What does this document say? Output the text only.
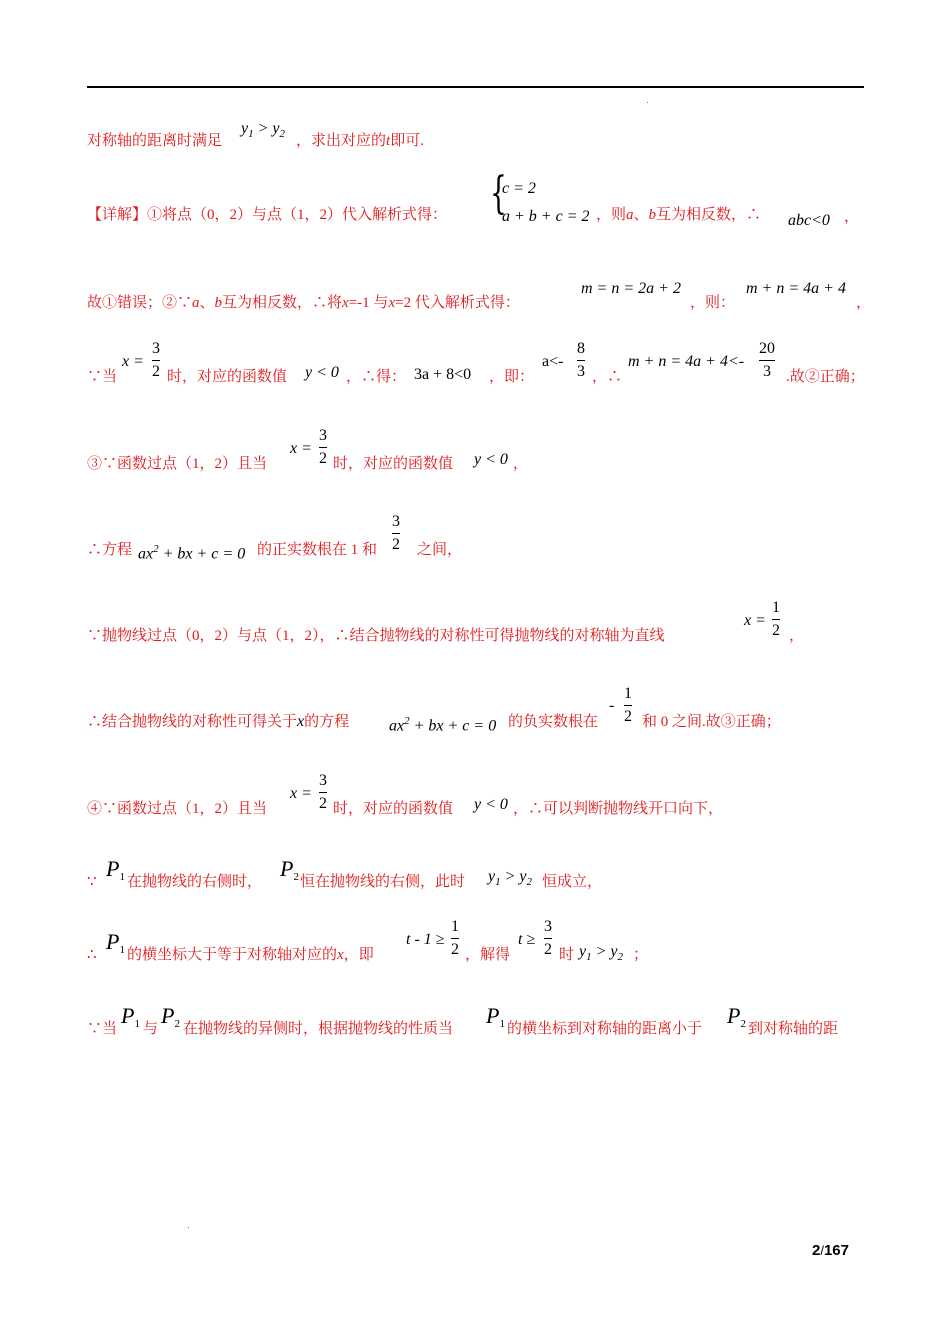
对称轴的距离时满足
$y_1 > y_2$ ，求出对应的t即可.
【详解】①将点（0，2）与点（1，2）代入解析式得： {
c = 2
a + b + c = 2 ，则a、b互为相反数，∴ abc<0 ，
故①错误；②∵a、b互为相反数，∴将x=-1 与x=2 代入解析式得：
m = n = 2a + 2
，则：
m + n = 4a + 4
，
∵当
x =
3
2 时，对应的函数值 y < 0 ，∴得： 3a + 8<0 ，即：
a<-
8
3 ，∴
m + n = 4a + 4<-
20
3 .故②正确；
③∵函数过点（1，2）且当
x =
3
2 时，对应的函数值 y < 0 ，
∴方程 $ax^2$ + bx + c = 0 的正实数根在 1 和
3
2 之间，
∵抛物线过点（0，2）与点（1，2），∴结合抛物线的对称性可得抛物线的对称轴为直线
x =
1
2 ，
∴结合抛物线的对称性可得关于x的方程 $ax^2$ + bx + c = 0 的负实数根在
-
1
2 和 0 之间.故③正确；
④∵函数过点（1，2）且当
x =
3
2 时，对应的函数值 y < 0 ，∴可以判断抛物线开口向下，
∵
$P_1$ 在抛物线的右侧时，
$P_2$ 恒在抛物线的右侧，此时 $y_1 > y_2$ 恒成立，
∴
$P_1$ 的横坐标大于等于对称轴对应的x，即
t - 1 ≥
1
2 ，解得
t ≥
3
2 时 $y_1 > y_2$ ；
∵当
$P_1$ 与
$P_2$ 在抛物线的异侧时，根据抛物线的性质当
$P_1$ 的横坐标到对称轴的距离小于
$P_2$ 到对称轴的距
2/167
